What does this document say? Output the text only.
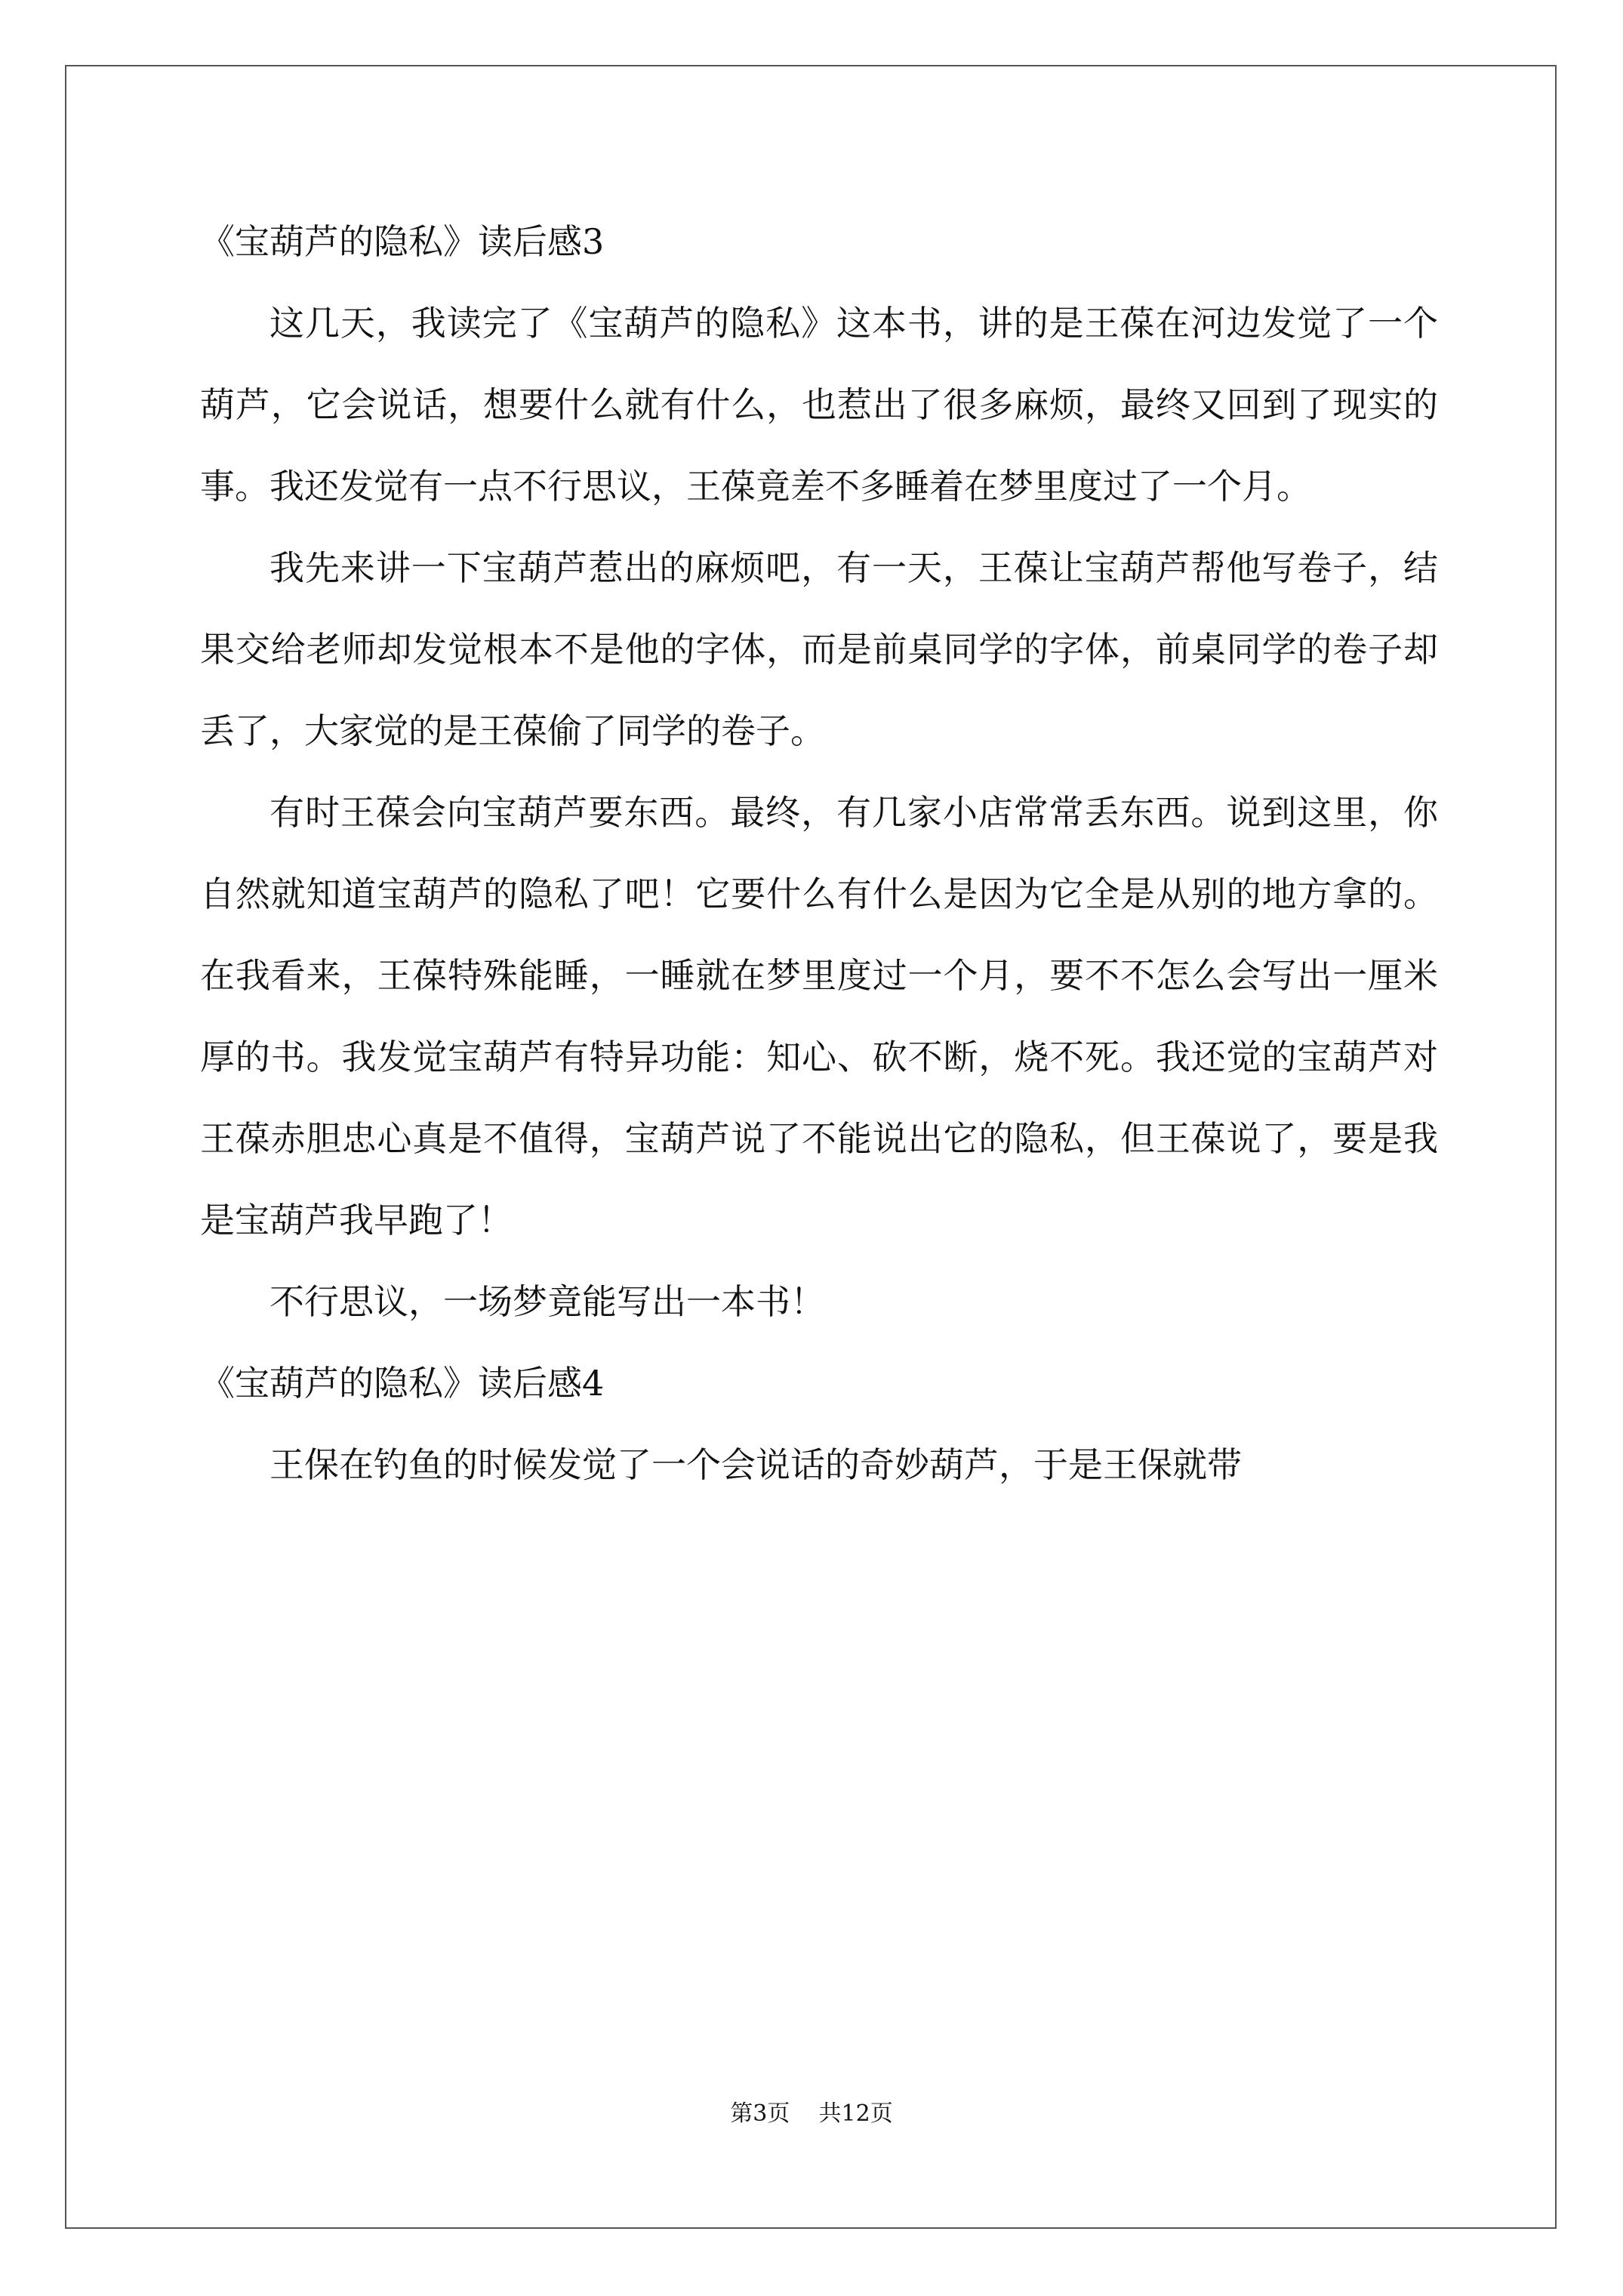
《宝葫芦的隐私》读后感3

这几天，我读完了《宝葫芦的隐私》这本书，讲的是王葆在河边发觉了一个葫芦，它会说话，想要什么就有什么，也惹出了很多麻烦，最终又回到了现实的事。我还发觉有一点不行思议，王葆竟差不多睡着在梦里度过了一个月。

我先来讲一下宝葫芦惹出的麻烦吧，有一天，王葆让宝葫芦帮他写卷子，结果交给老师却发觉根本不是他的字体，而是前桌同学的字体，前桌同学的卷子却丢了，大家觉的是王葆偷了同学的卷子。

有时王葆会向宝葫芦要东西。最终，有几家小店常常丢东西。说到这里，你自然就知道宝葫芦的隐私了吧！它要什么有什么是因为它全是从别的地方拿的。在我看来，王葆特殊能睡，一睡就在梦里度过一个月，要不不怎么会写出一厘米厚的书。我发觉宝葫芦有特异功能：知心、砍不断，烧不死。我还觉的宝葫芦对王葆赤胆忠心真是不值得，宝葫芦说了不能说出它的隐私，但王葆说了，要是我是宝葫芦我早跑了！

不行思议，一场梦竟能写出一本书！

《宝葫芦的隐私》读后感4

王保在钓鱼的时候发觉了一个会说话的奇妙葫芦，于是王保就带

第3页 共12页
